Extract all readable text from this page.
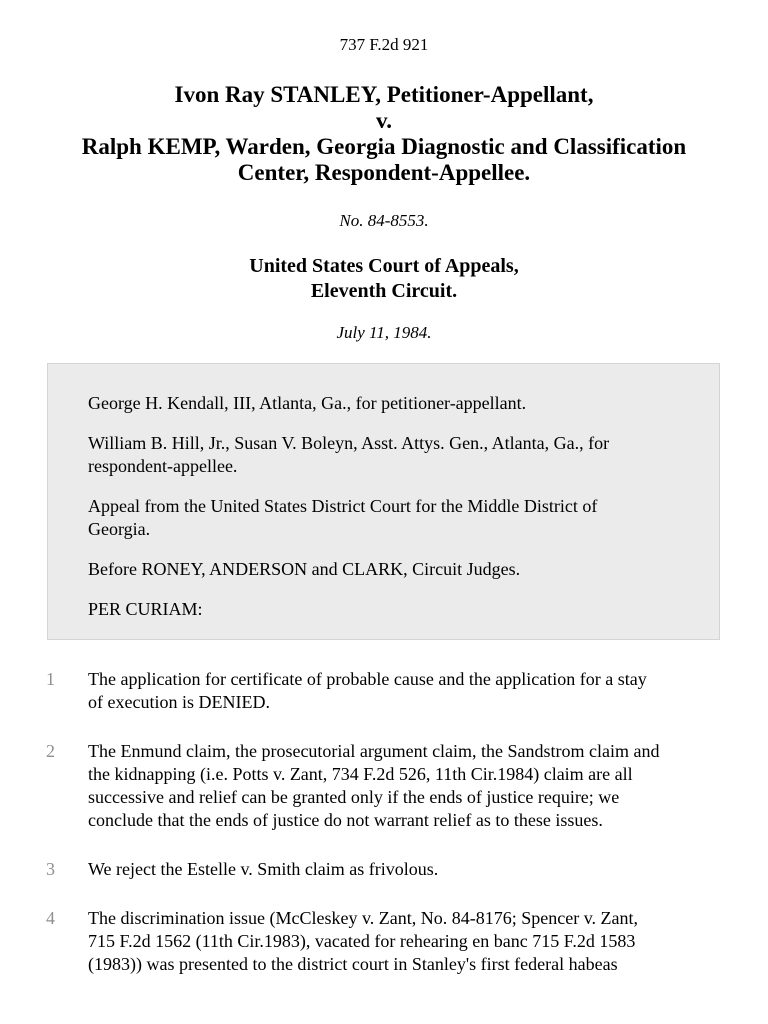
737 F.2d 921
Ivon Ray STANLEY, Petitioner-Appellant,
v.
Ralph KEMP, Warden, Georgia Diagnostic and Classification
Center, Respondent-Appellee.
No. 84-8553.
United States Court of Appeals,
Eleventh Circuit.
July 11, 1984.
George H. Kendall, III, Atlanta, Ga., for petitioner-appellant.
William B. Hill, Jr., Susan V. Boleyn, Asst. Attys. Gen., Atlanta, Ga., for
respondent-appellee.
Appeal from the United States District Court for the Middle District of
Georgia.
Before RONEY, ANDERSON and CLARK, Circuit Judges.
PER CURIAM:
1 The application for certificate of probable cause and the application for a stay
of execution is DENIED.
2 The Enmund claim, the prosecutorial argument claim, the Sandstrom claim and
the kidnapping (i.e. Potts v. Zant, 734 F.2d 526, 11th Cir.1984) claim are all
successive and relief can be granted only if the ends of justice require; we
conclude that the ends of justice do not warrant relief as to these issues.
3 We reject the Estelle v. Smith claim as frivolous.
4 The discrimination issue (McCleskey v. Zant, No. 84-8176; Spencer v. Zant,
715 F.2d 1562 (11th Cir.1983), vacated for rehearing en banc 715 F.2d 1583
(1983)) was presented to the district court in Stanley's first federal habeas
